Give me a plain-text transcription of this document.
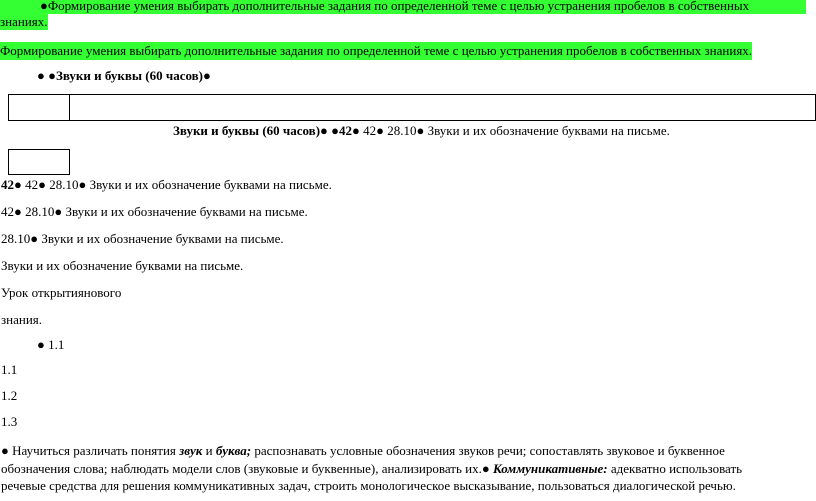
●Формирование умения выбирать дополнительные задания по определенной теме с целью устранения пробелов в собственных
знаниях.
Формирование умения выбирать дополнительные задания по определенной теме с целью устранения пробелов в собственных знаниях.
● ●Звуки и буквы (60 часов)●
Звуки и буквы (60 часов)● ●42● 42● 28.10● Звуки и их обозначение буквами на письме.
42● 42● 28.10● Звуки и их обозначение буквами на письме.
42● 28.10● Звуки и их обозначение буквами на письме.
28.10● Звуки и их обозначение буквами на письме.
Звуки и их обозначение буквами на письме.
Урок открытиянового
знания.
● 1.1
1.1
1.2
1.3
● Научиться различать понятия звук и буква; распознавать условные обозначения звуков речи; сопоставлять звуковое и буквенное
обозначения слова; наблюдать модели слов (звуковые и буквенные), анализировать их.● Коммуникативные: адекватно использовать
речевые средства для решения коммуникативных задач, строить монологическое высказывание, пользоваться диалогической речью.
